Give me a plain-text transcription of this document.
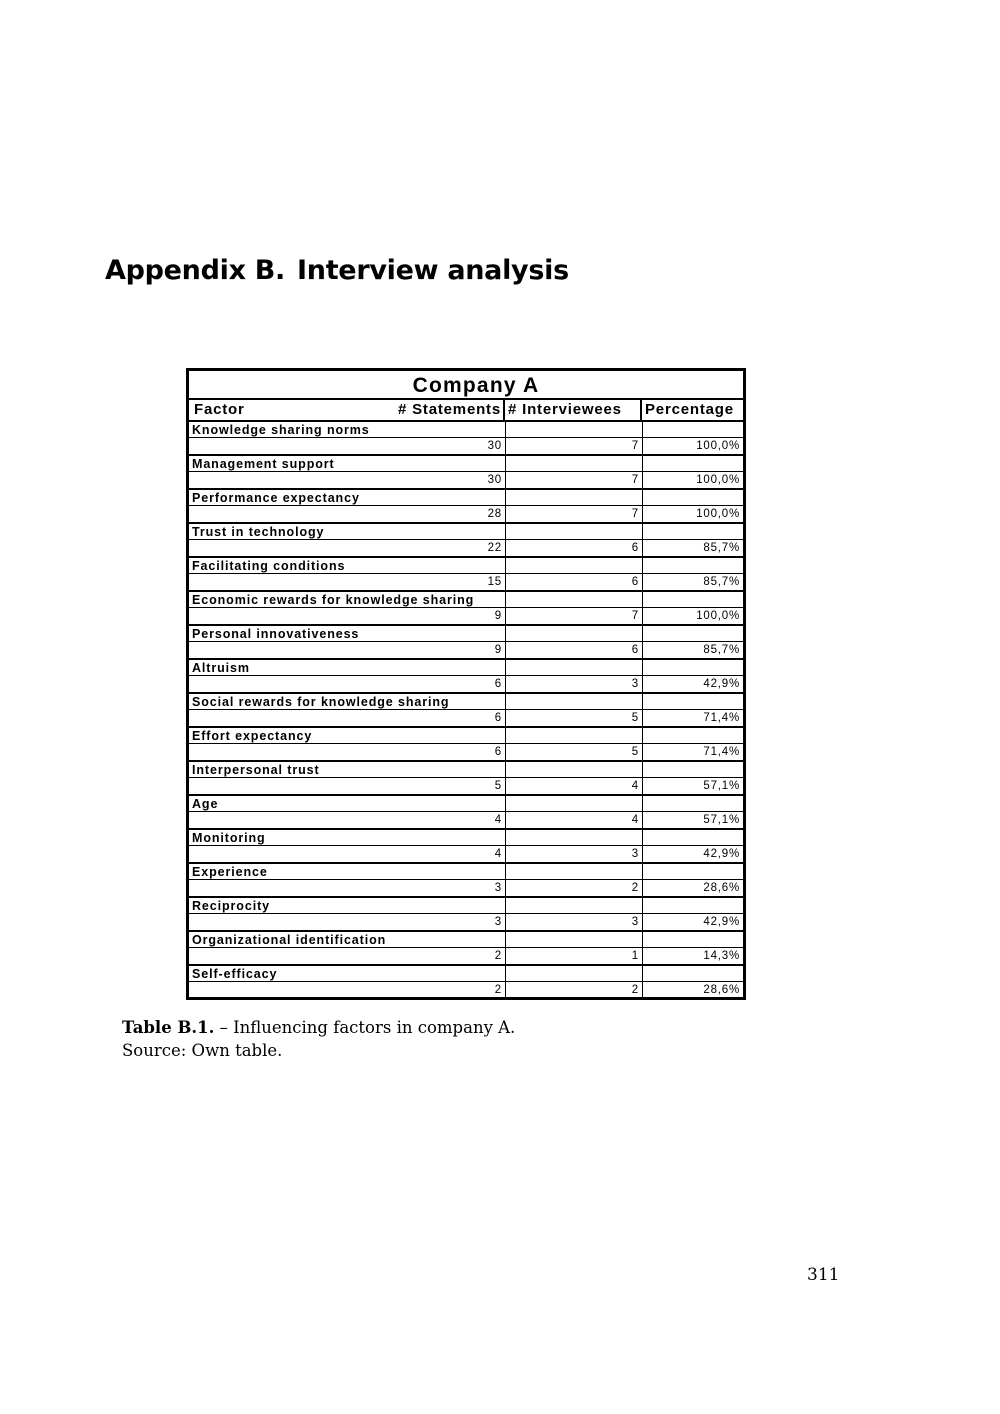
Appendix B. Interview analysis
Company A
Factor	# Statements # Interviewees	Percentage
Knowledge sharing norms
30	7	100,0%
Management support
30	7	100,0%
Performance expectancy
28	7	100,0%
Trust in technology
22	6	85,7%
Facilitating conditions
15	6	85,7%
Economic rewards for knowledge sharing
9	7	100,0%
Personal innovativeness
9	6	85,7%
Altruism
6	3	42,9%
Social rewards for knowledge sharing
6	5	71,4%
Effort expectancy
6	5	71,4%
Interpersonal trust
5	4	57,1%
Age
4	4	57,1%
Monitoring
4	3	42,9%
Experience
3	2	28,6%
Reciprocity
3	3	42,9%
Organizational identification
2	1	14,3%
Self-efficacy
2	2	28,6%
Table B.1. – Influencing factors in company A.
Source: Own table.
311
